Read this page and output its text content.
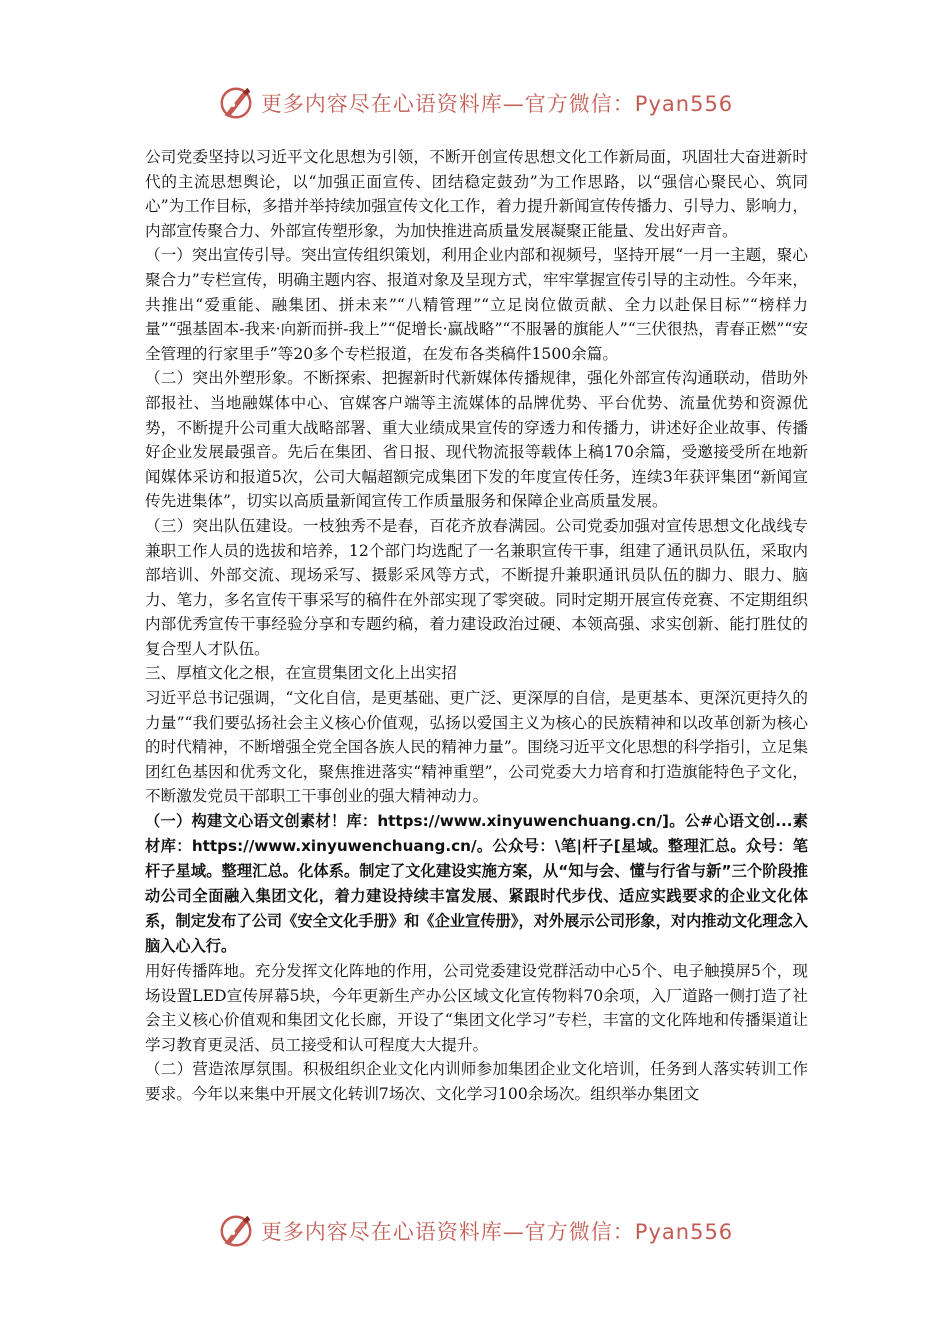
更多内容尽在心语资料库—官方微信：Pyan556

公司党委坚持以习近平文化思想为引领，不断开创宣传思想文化工作新局面，巩固壮大奋进新时代的主流思想舆论，以“加强正面宣传、团结稳定鼓劲”为工作思路，以“强信心聚民心、筑同心”为工作目标，多措并举持续加强宣传文化工作，着力提升新闻宣传传播力、引导力、影响力，内部宣传聚合力、外部宣传塑形象，为加快推进高质量发展凝聚正能量、发出好声音。

（一）突出宣传引导。突出宣传组织策划，利用企业内部和视频号，坚持开展“一月一主题，聚心聚合力”专栏宣传，明确主题内容、报道对象及呈现方式，牢牢掌握宣传引导的主动性。今年来，共推出“爱重能、融集团、拼未来”“八精管理”“立足岗位做贡献、全力以赴保目标”“榜样力量”“强基固本-我来·向新而拼-我上”“促增长·赢战略”“不服暑的旗能人”“三伏很热，青春正燃”“安全管理的行家里手”等20多个专栏报道，在发布各类稿件1500余篇。

（二）突出外塑形象。不断探索、把握新时代新媒体传播规律，强化外部宣传沟通联动，借助外部报社、当地融媒体中心、官媒客户端等主流媒体的品牌优势、平台优势、流量优势和资源优势，不断提升公司重大战略部署、重大业绩成果宣传的穿透力和传播力，讲述好企业故事、传播好企业发展最强音。先后在集团、省日报、现代物流报等载体上稿170余篇，受邀接受所在地新闻媒体采访和报道5次，公司大幅超额完成集团下发的年度宣传任务，连续3年获评集团“新闻宣传先进集体”，切实以高质量新闻宣传工作质量服务和保障企业高质量发展。

（三）突出队伍建设。一枝独秀不是春，百花齐放春满园。公司党委加强对宣传思想文化战线专兼职工作人员的选拔和培养，12个部门均选配了一名兼职宣传干事，组建了通讯员队伍，采取内部培训、外部交流、现场采写、摄影采风等方式，不断提升兼职通讯员队伍的脚力、眼力、脑力、笔力，多名宣传干事采写的稿件在外部实现了零突破。同时定期开展宣传竞赛、不定期组织内部优秀宣传干事经验分享和专题约稿，着力建设政治过硬、本领高强、求实创新、能打胜仗的复合型人才队伍。

三、厚植文化之根，在宣贯集团文化上出实招

习近平总书记强调，“文化自信，是更基础、更广泛、更深厚的自信，是更基本、更深沉更持久的力量”“我们要弘扬社会主义核心价值观，弘扬以爱国主义为核心的民族精神和以改革创新为核心的时代精神，不断增强全党全国各族人民的精神力量”。围绕习近平文化思想的科学指引，立足集团红色基因和优秀文化，聚焦推进落实“精神重塑”，公司党委大力培育和打造旗能特色子文化，不断激发党员干部职工干事创业的强大精神动力。

（一）构建文心语文创素材！库：https://www.xinyuwenchuang.cn/]。公#心语文创...素材库：https://www.xinyuwenchuang.cn/。公众号：\笔|杆子[星域。整理汇总。众号：笔杆子星域。整理汇总。化体系。制定了文化建设实施方案，从“知与会、懂与行省与新”三个阶段推动公司全面融入集团文化，着力建设持续丰富发展、紧跟时代步伐、适应实践要求的企业文化体系，制定发布了公司《安全文化手册》和《企业宣传册》，对外展示公司形象，对内推动文化理念入脑入心入行。

用好传播阵地。充分发挥文化阵地的作用，公司党委建设党群活动中心5个、电子触摸屏5个，现场设置LED宣传屏幕5块，今年更新生产办公区域文化宣传物料70余项，入厂道路一侧打造了社会主义核心价值观和集团文化长廊，开设了“集团文化学习”专栏，丰富的文化阵地和传播渠道让学习教育更灵活、员工接受和认可程度大大提升。

（二）营造浓厚氛围。积极组织企业文化内训师参加集团企业文化培训，任务到人落实转训工作要求。今年以来集中开展文化转训7场次、文化学习100余场次。组织举办集团文

更多内容尽在心语资料库—官方微信：Pyan556
